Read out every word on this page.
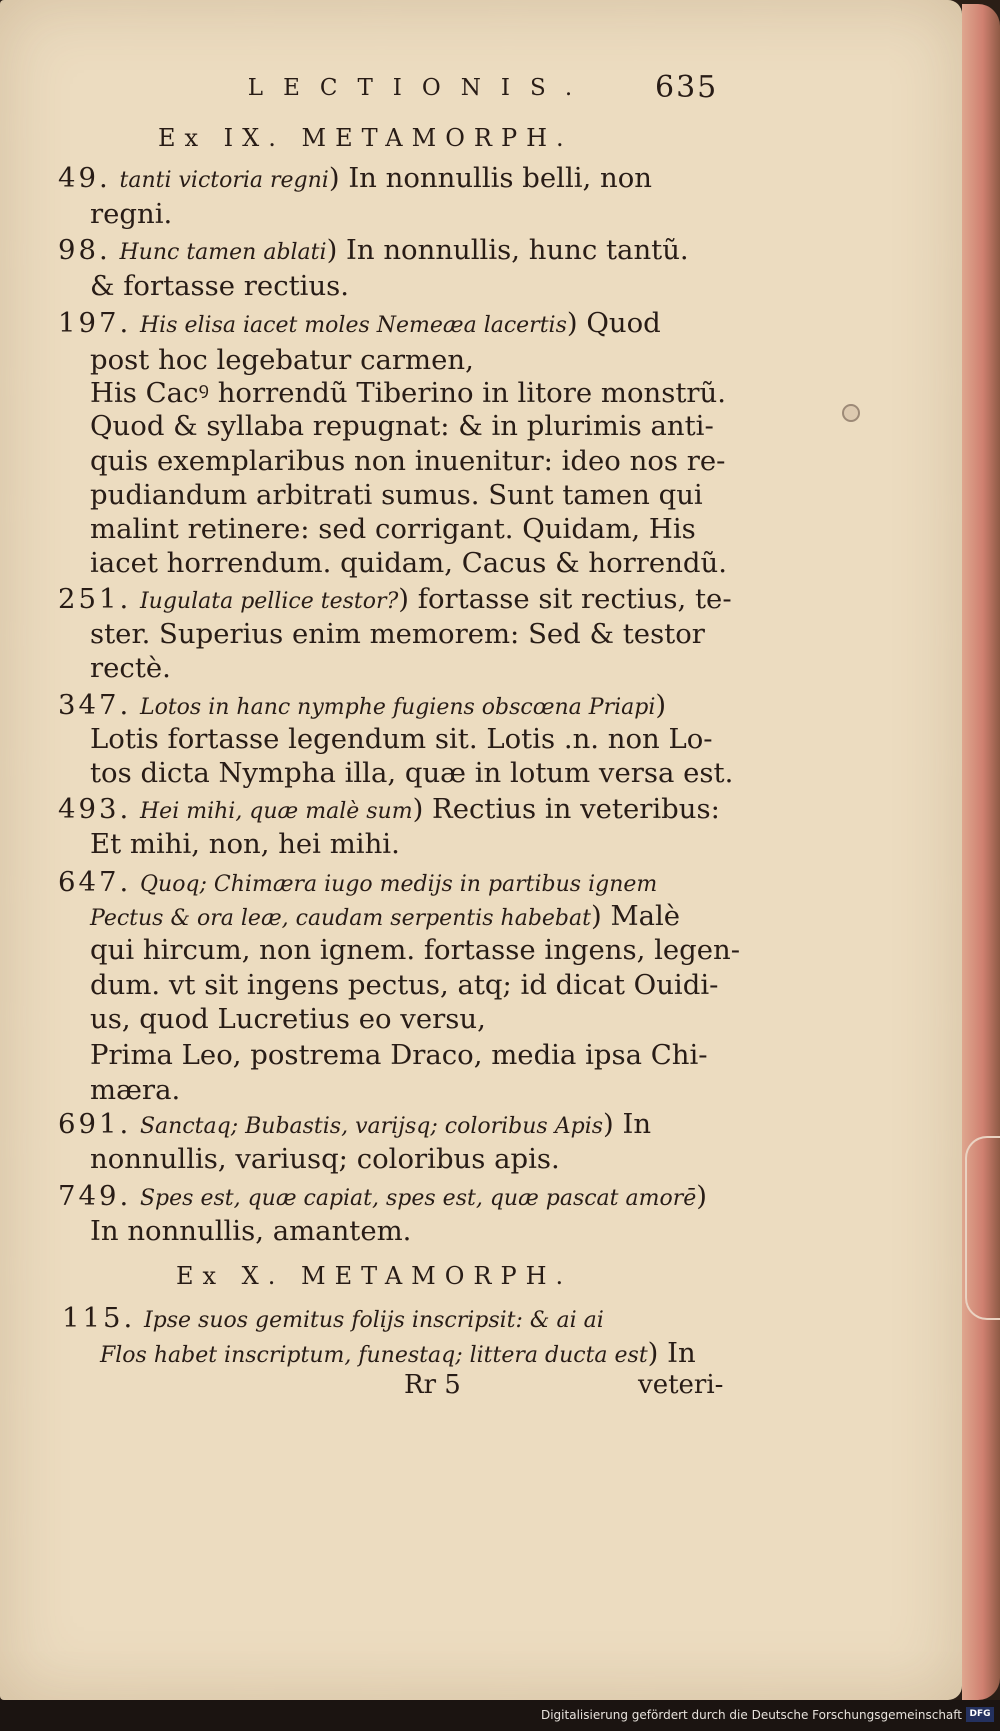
LECTIONIS.	635
Ex IX. METAMORPH.
49. tanti victoria regni) In nonnullis belli, non
regni.
98. Hunc tamen ablati) In nonnullis, hunc tantũ.
& fortasse rectius.
197. His elisa iacet moles Nemeæa lacertis) Quod
post hoc legebatur carmen,
His Cacꝰ horrendũ Tiberino in litore monstrũ.
Quod & syllaba repugnat: & in plurimis anti-
quis exemplaribus non inuenitur: ideo nos re-
pudiandum arbitrati sumus. Sunt tamen qui
malint retinere: sed corrigant. Quidam, His
iacet horrendum. quidam, Cacus & horrendũ.
251. Iugulata pellice testor?) fortasse sit rectius, te-
ster. Superius enim memorem: Sed & testor
rectè.
347. Lotos in hanc nymphe fugiens obscœna Priapi)
Lotis fortasse legendum sit. Lotis .n. non Lo-
tos dicta Nympha illa, quæ in lotum versa est.
493. Hei mihi, quæ malè sum) Rectius in veteribus:
Et mihi, non, hei mihi.
647. Quoq; Chimæra iugo medijs in partibus ignem
Pectus & ora leæ, caudam serpentis habebat) Malè
qui hircum, non ignem. fortasse ingens, legen-
dum. vt sit ingens pectus, atq; id dicat Ouidi-
us, quod Lucretius eo versu,
Prima Leo, postrema Draco, media ipsa Chi-
mæra.
691. Sanctaq; Bubastis, varijsq; coloribus Apis) In
nonnullis, variusq; coloribus apis.
749. Spes est, quæ capiat, spes est, quæ pascat amorē)
In nonnullis, amantem.
Ex X. METAMORPH.
115. Ipse suos gemitus folijs inscripsit: & ai ai
Flos habet inscriptum, funestaq; littera ducta est) In
Rr 5	veteri-
Digitalisierung gefördert durch die Deutsche Forschungsgemeinschaft DFG
